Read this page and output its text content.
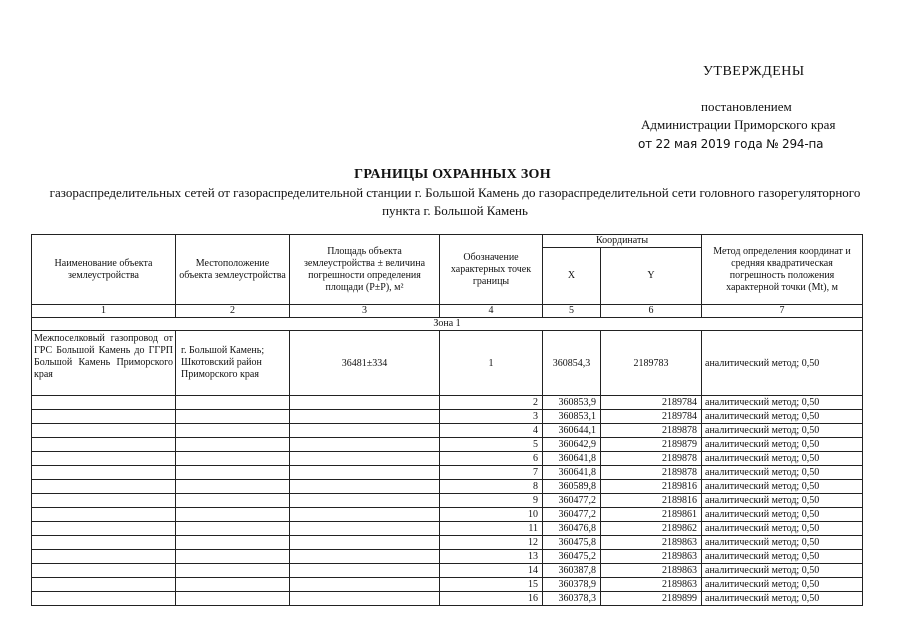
УТВЕРЖДЕНЫ
постановлением
Администрации Приморского края
от 22 мая 2019 года № 294-па
ГРАНИЦЫ ОХРАННЫХ ЗОН
газораспределительных сетей от газораспределительной станции г. Большой Камень до газораспределительной сети головного газорегуляторного пункта г. Большой Камень
Наименование объекта землеустройства	Местоположение объекта землеустройства	Площадь объекта землеустройства ± величина погрешности определения площади (P±P), м²	Обозначение характерных точек границы	Координаты		Метод определения координат и средняя квадратическая погрешность положения характерной точки (Mt), м
				X	Y	
1	2	3	4	5	6	7
Зона 1						
Межпоселковый газопровод от ГРС Большой Камень до ГГРП Большой Камень Приморского края	г. Большой Камень; Шкотовский район Приморского края	36481±334	1	360854,3	2189783	аналитический метод; 0,50
			2	360853,9	2189784	аналитический метод; 0,50
			3	360853,1	2189784	аналитический метод; 0,50
			4	360644,1	2189878	аналитический метод; 0,50
			5	360642,9	2189879	аналитический метод; 0,50
			6	360641,8	2189878	аналитический метод; 0,50
			7	360641,8	2189878	аналитический метод; 0,50
			8	360589,8	2189816	аналитический метод; 0,50
			9	360477,2	2189816	аналитический метод; 0,50
			10	360477,2	2189861	аналитический метод; 0,50
			11	360476,8	2189862	аналитический метод; 0,50
			12	360475,8	2189863	аналитический метод; 0,50
			13	360475,2	2189863	аналитический метод; 0,50
			14	360387,8	2189863	аналитический метод; 0,50
			15	360378,9	2189863	аналитический метод; 0,50
			16	360378,3	2189899	аналитический метод; 0,50
